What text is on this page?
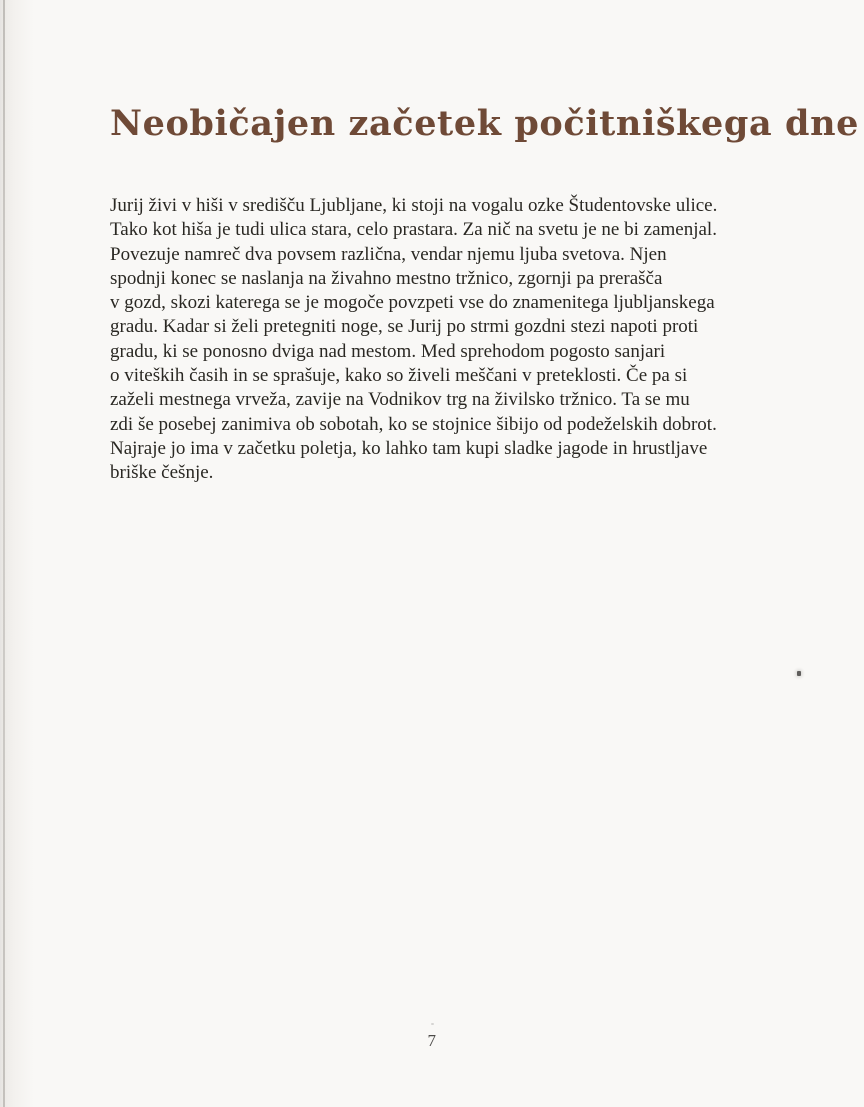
Neobičajen začetek počitniškega dne
Jurij živi v hiši v središču Ljubljane, ki stoji na vogalu ozke Študentovske ulice.
Tako kot hiša je tudi ulica stara, celo prastara. Za nič na svetu je ne bi zamenjal.
Povezuje namreč dva povsem različna, vendar njemu ljuba svetova. Njen
spodnji konec se naslanja na živahno mestno tržnico, zgornji pa prerašča
v gozd, skozi katerega se je mogoče povzpeti vse do znamenitega ljubljanskega
gradu. Kadar si želi pretegniti noge, se Jurij po strmi gozdni stezi napoti proti
gradu, ki se ponosno dviga nad mestom. Med sprehodom pogosto sanjari
o viteških časih in se sprašuje, kako so živeli meščani v preteklosti. Če pa si
zaželi mestnega vrveža, zavije na Vodnikov trg na živilsko tržnico. Ta se mu
zdi še posebej zanimiva ob sobotah, ko se stojnice šibijo od podeželskih dobrot.
Najraje jo ima v začetku poletja, ko lahko tam kupi sladke jagode in hrustljave
briške češnje.
7
